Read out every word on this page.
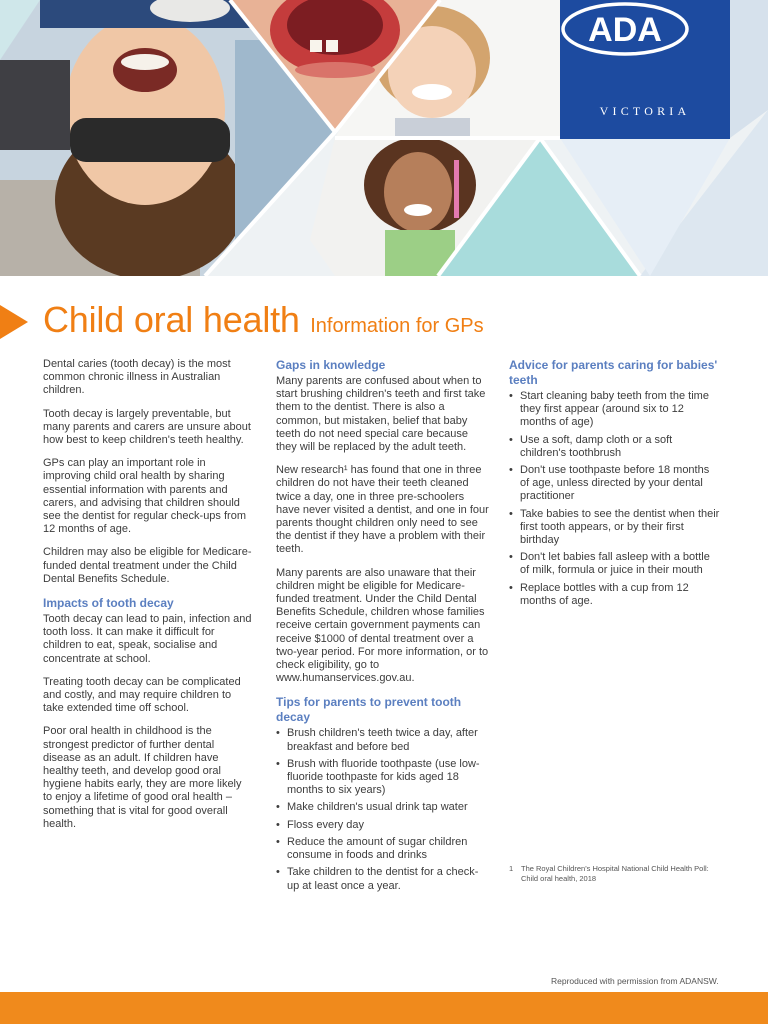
ADA
VICTORIA
Child oral health Information for GPs

Dental caries (tooth decay) is the most common chronic illness in Australian children.

Tooth decay is largely preventable, but many parents and carers are unsure about how best to keep children's teeth healthy.

GPs can play an important role in improving child oral health by sharing essential information with parents and carers, and advising that children should see the dentist for regular check-ups from 12 months of age.

Children may also be eligible for Medicare-funded dental treatment under the Child Dental Benefits Schedule.

Impacts of tooth decay

Tooth decay can lead to pain, infection and tooth loss. It can make it difficult for children to eat, speak, socialise and concentrate at school.

Treating tooth decay can be complicated and costly, and may require children to take extended time off school.

Poor oral health in childhood is the strongest predictor of further dental disease as an adult. If children have healthy teeth, and develop good oral hygiene habits early, they are more likely to enjoy a lifetime of good oral health – something that is vital for good overall health.

Gaps in knowledge

Many parents are confused about when to start brushing children's teeth and first take them to the dentist. There is also a common, but mistaken, belief that baby teeth do not need special care because they will be replaced by the adult teeth.

New research¹ has found that one in three children do not have their teeth cleaned twice a day, one in three pre-schoolers have never visited a dentist, and one in four parents thought children only need to see the dentist if they have a problem with their teeth.

Many parents are also unaware that their children might be eligible for Medicare-funded treatment. Under the Child Dental Benefits Schedule, children whose families receive certain government payments can receive $1000 of dental treatment over a two-year period. For more information, or to check eligibility, go to www.humanservices.gov.au.

Tips for parents to prevent tooth decay
• Brush children's teeth twice a day, after breakfast and before bed
• Brush with fluoride toothpaste (use low-fluoride toothpaste for kids aged 18 months to six years)
• Make children's usual drink tap water
• Floss every day
• Reduce the amount of sugar children consume in foods and drinks
• Take children to the dentist for a check-up at least once a year.
Advice for parents caring for babies' teeth
• Start cleaning baby teeth from the time they first appear (around six to 12 months of age)
• Use a soft, damp cloth or a soft children's toothbrush
• Don't use toothpaste before 18 months of age, unless directed by your dental practitioner
• Take babies to see the dentist when their first tooth appears, or by their first birthday
• Don't let babies fall asleep with a bottle of milk, formula or juice in their mouth
• Replace bottles with a cup from 12 months of age.
1	The Royal Children's Hospital National Child Health Poll: Child oral health, 2018
Reproduced with permission from ADANSW.
